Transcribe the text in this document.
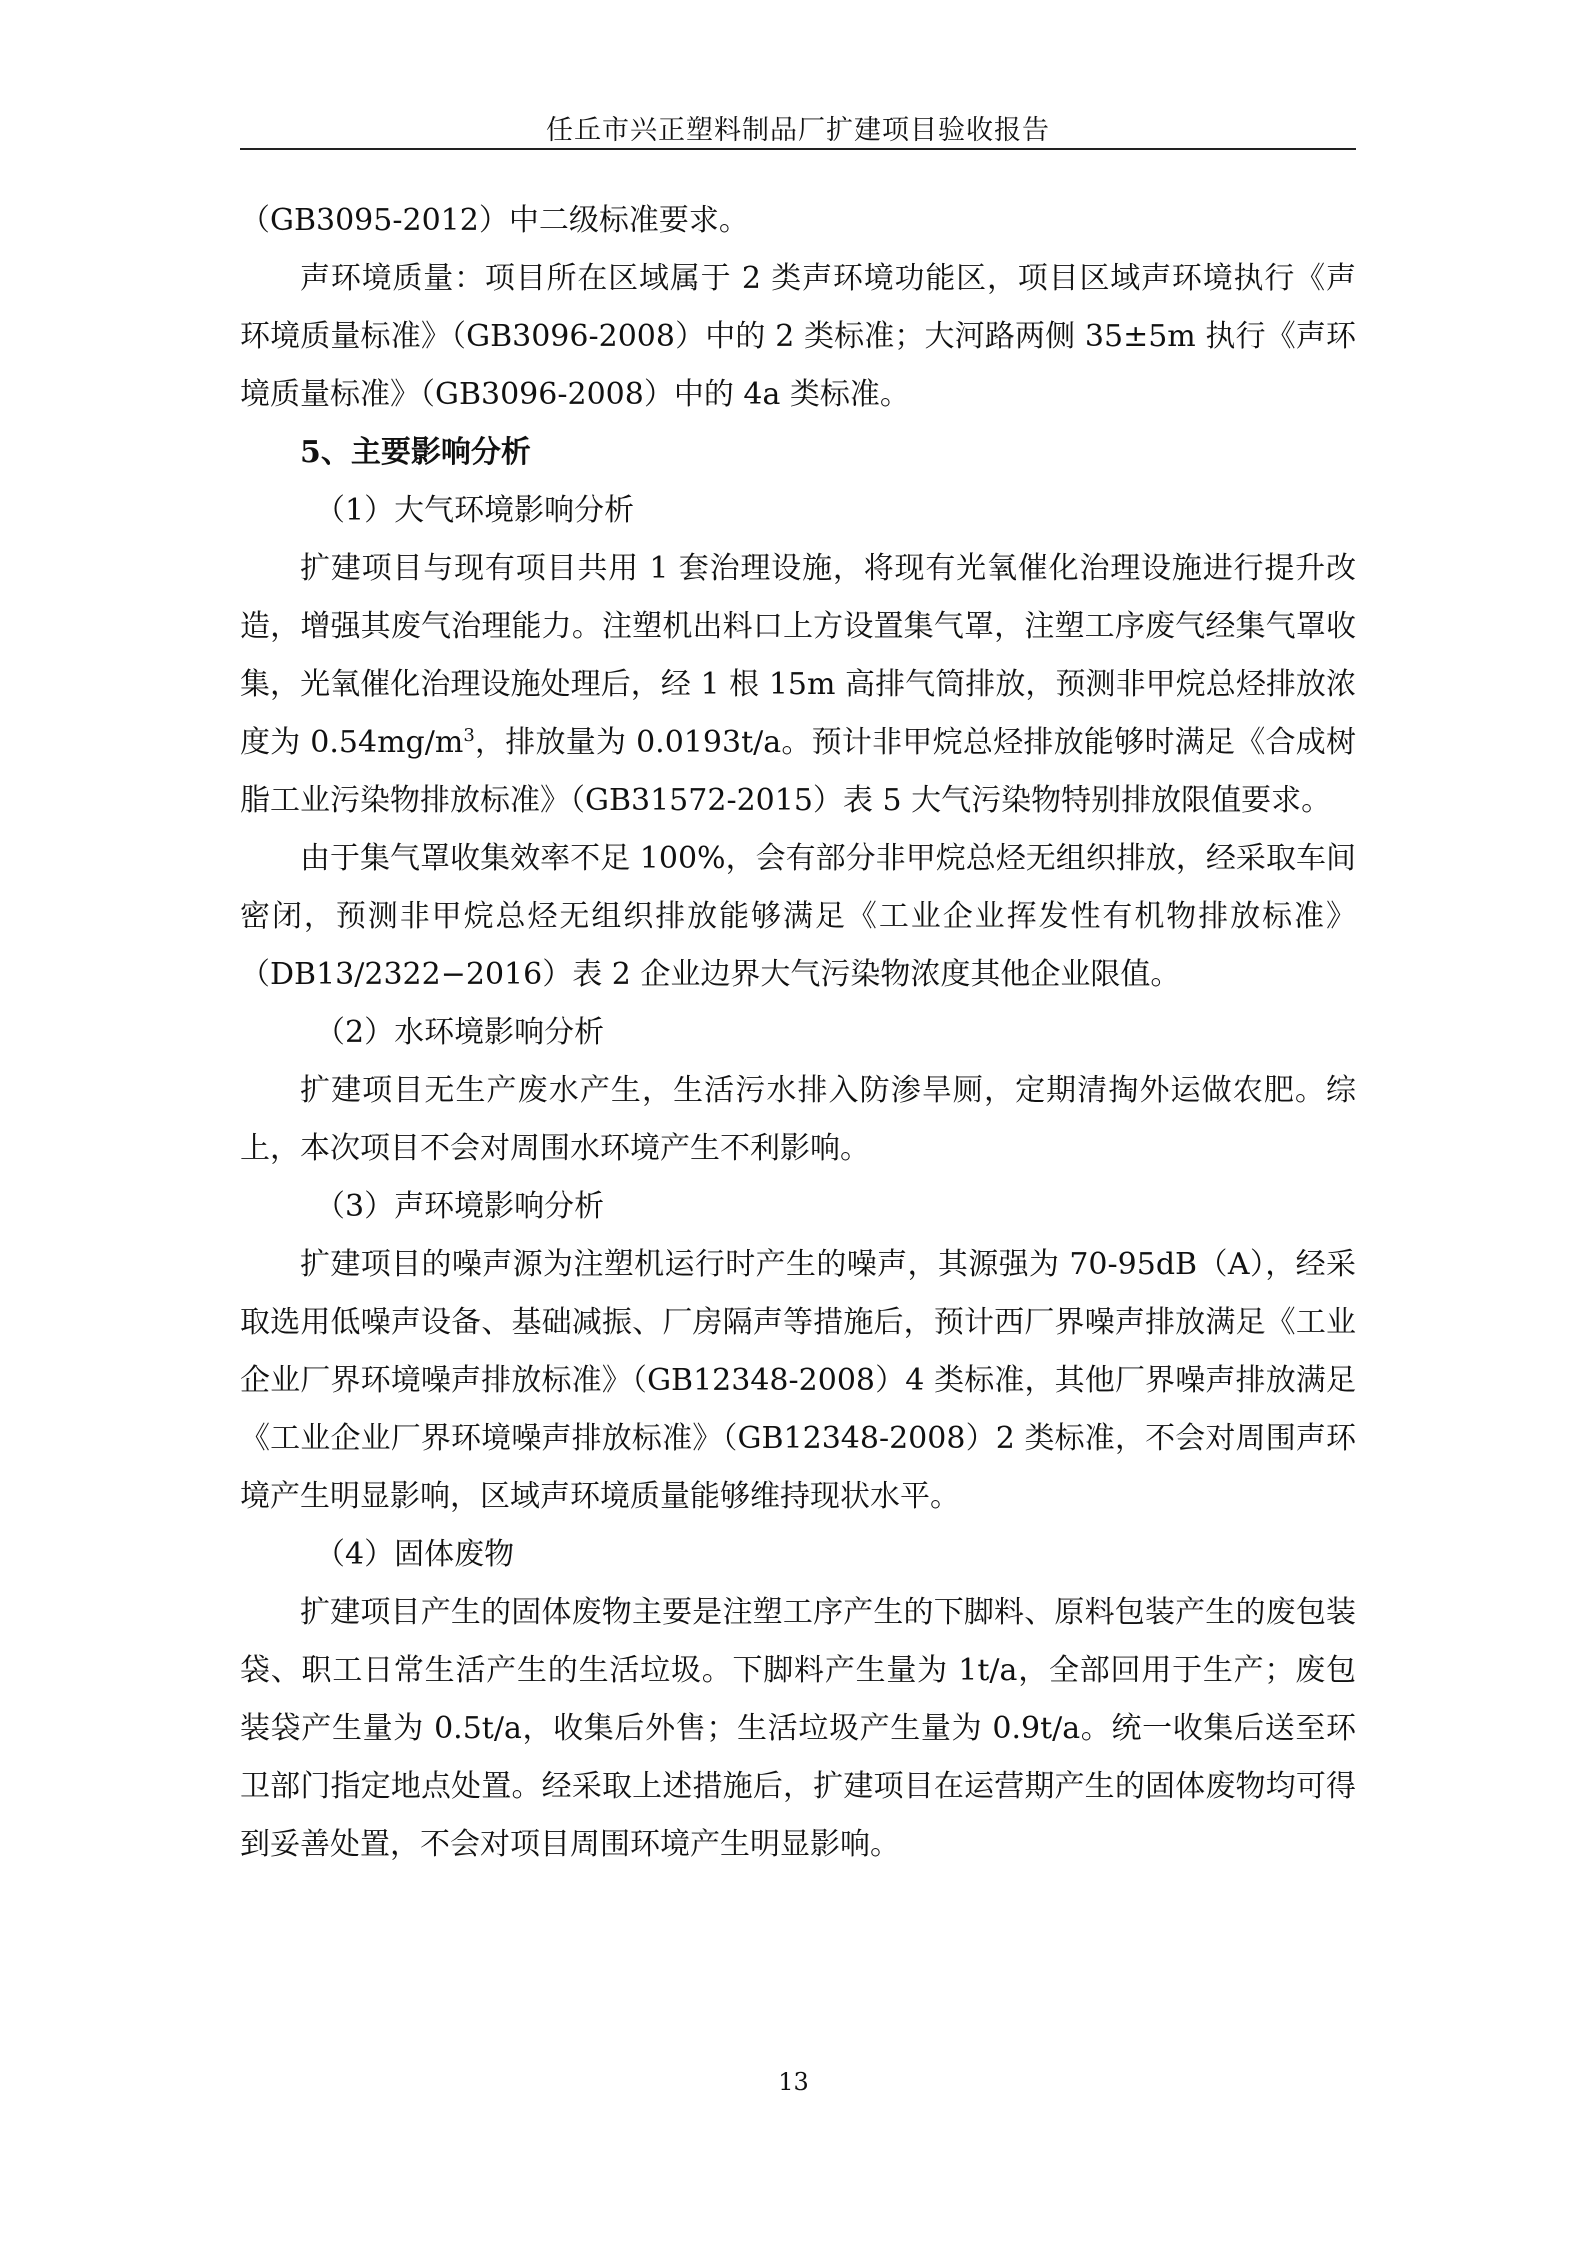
任丘市兴正塑料制品厂扩建项目验收报告

（GB3095-2012）中二级标准要求。

声环境质量：项目所在区域属于 2 类声环境功能区，项目区域声环境执行《声环境质量标准》（GB3096-2008）中的 2 类标准；大河路两侧 35±5m 执行《声环境质量标准》（GB3096-2008）中的 4a 类标准。

5、主要影响分析

（1）大气环境影响分析

扩建项目与现有项目共用 1 套治理设施，将现有光氧催化治理设施进行提升改造，增强其废气治理能力。注塑机出料口上方设置集气罩，注塑工序废气经集气罩收集，光氧催化治理设施处理后，经 1 根 15m 高排气筒排放，预测非甲烷总烃排放浓度为 $0.54mg/m^3$，排放量为 0.0193t/a。预计非甲烷总烃排放能够时满足《合成树脂工业污染物排放标准》（GB31572-2015）表 5 大气污染物特别排放限值要求。

由于集气罩收集效率不足 100%，会有部分非甲烷总烃无组织排放，经采取车间密闭，预测非甲烷总烃无组织排放能够满足《工业企业挥发性有机物排放标准》（DB13/2322−2016）表 2 企业边界大气污染物浓度其他企业限值。

（2）水环境影响分析

扩建项目无生产废水产生，生活污水排入防渗旱厕，定期清掏外运做农肥。综上，本次项目不会对周围水环境产生不利影响。

（3）声环境影响分析

扩建项目的噪声源为注塑机运行时产生的噪声，其源强为 70-95dB（A），经采取选用低噪声设备、基础减振、厂房隔声等措施后，预计西厂界噪声排放满足《工业企业厂界环境噪声排放标准》（GB12348-2008）4 类标准，其他厂界噪声排放满足《工业企业厂界环境噪声排放标准》（GB12348-2008）2 类标准，不会对周围声环境产生明显影响，区域声环境质量能够维持现状水平。

（4）固体废物

扩建项目产生的固体废物主要是注塑工序产生的下脚料、原料包装产生的废包装袋、职工日常生活产生的生活垃圾。下脚料产生量为 1t/a，全部回用于生产；废包装袋产生量为 0.5t/a，收集后外售；生活垃圾产生量为 0.9t/a。统一收集后送至环卫部门指定地点处置。经采取上述措施后，扩建项目在运营期产生的固体废物均可得到妥善处置，不会对项目周围环境产生明显影响。

13
